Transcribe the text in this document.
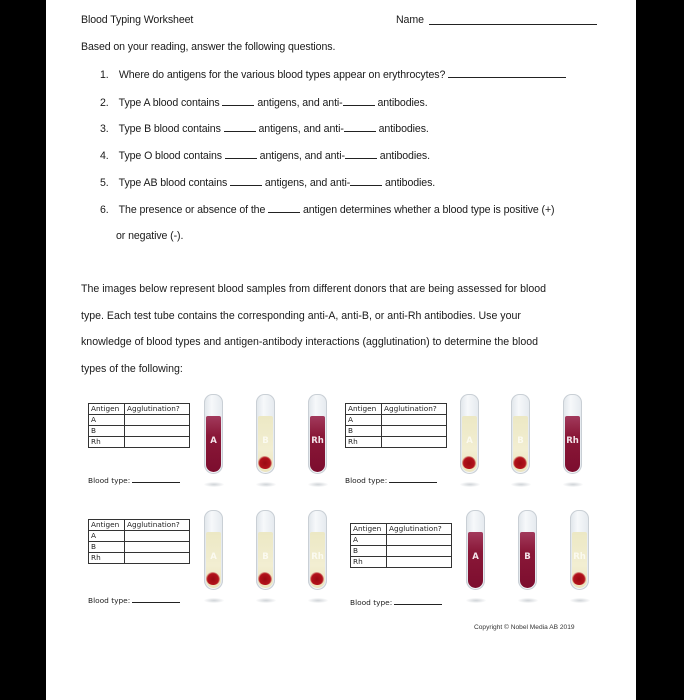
Blood Typing Worksheet	Name
Based on your reading, answer the following questions.
1. Where do antigens for the various blood types appear on erythrocytes?
2. Type A blood contains	antigens, and anti-	antibodies.
3. Type B blood contains	antigens, and anti-	antibodies.
4. Type O blood contains	antigens, and anti-	antibodies.
5. Type AB blood contains	antigens, and anti-	antibodies.
6. The presence or absence of the	antigen determines whether a blood type is positive (+)
or negative (-).
The images below represent blood samples from different donors that are being assessed for blood
type. Each test tube contains the corresponding anti-A, anti-B, or anti-Rh antibodies. Use your
knowledge of blood types and antigen-antibody interactions (agglutination) to determine the blood
types of the following:
Antigen	Agglutination?
A	
B	
Rh	
Blood type:
A	B	Rh
Antigen	Agglutination?
A	
B	
Rh	
Blood type:
A	B	Rh
Antigen	Agglutination?
A	
B	
Rh	
Blood type:
A	B	Rh
Antigen	Agglutination?
A	
B	
Rh	
Blood type:
A	B	Rh
Copyright © Nobel Media AB 2019
